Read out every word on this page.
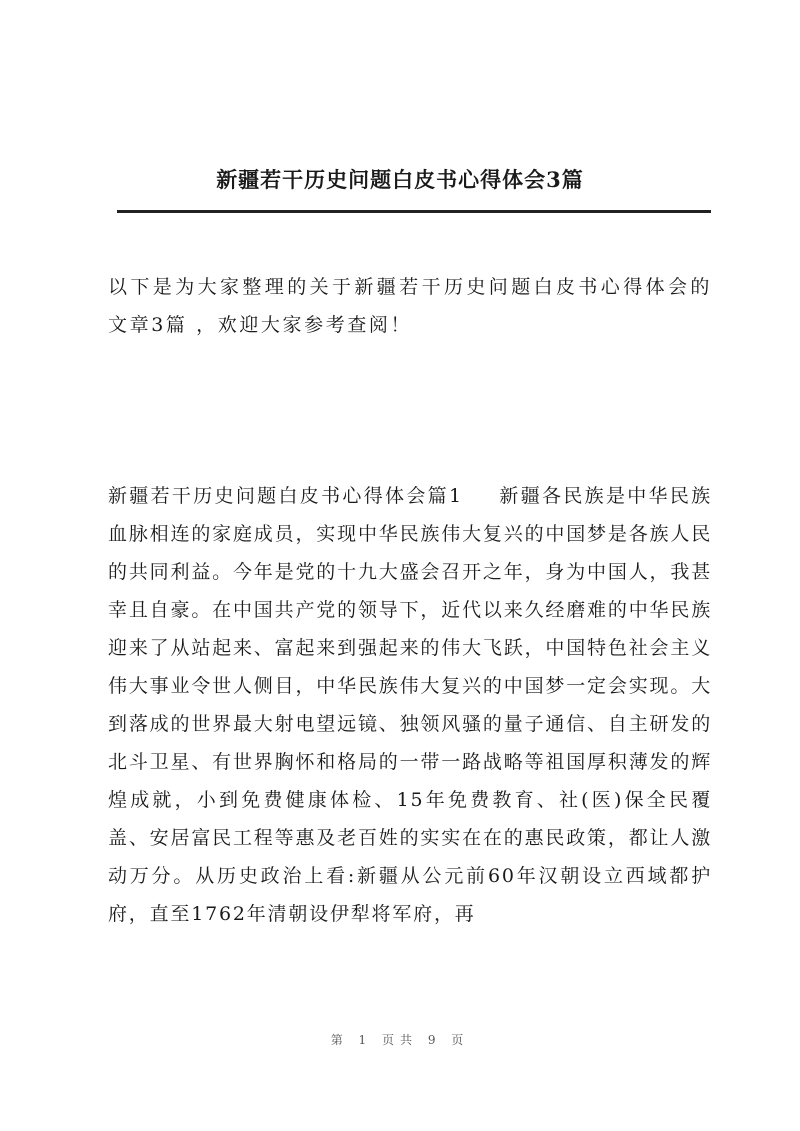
新疆若干历史问题白皮书心得体会3篇

以下是为大家整理的关于新疆若干历史问题白皮书心得体会的文章3篇 ，欢迎大家参考查阅！

新疆若干历史问题白皮书心得体会篇1 新疆各民族是中华民族血脉相连的家庭成员，实现中华民族伟大复兴的中国梦是各族人民的共同利益。今年是党的十九大盛会召开之年，身为中国人，我甚幸且自豪。在中国共产党的领导下，近代以来久经磨难的中华民族迎来了从站起来、富起来到强起来的伟大飞跃，中国特色社会主义伟大事业令世人侧目，中华民族伟大复兴的中国梦一定会实现。大到落成的世界最大射电望远镜、独领风骚的量子通信、自主研发的北斗卫星、有世界胸怀和格局的一带一路战略等祖国厚积薄发的辉煌成就，小到免费健康体检、15年免费教育、社(医)保全民覆盖、安居富民工程等惠及老百姓的实实在在的惠民政策，都让人激动万分。从历史政治上看:新疆从公元前60年汉朝设立西域都护府，直至1762年清朝设伊犁将军府，再

第 1 页共 9 页
